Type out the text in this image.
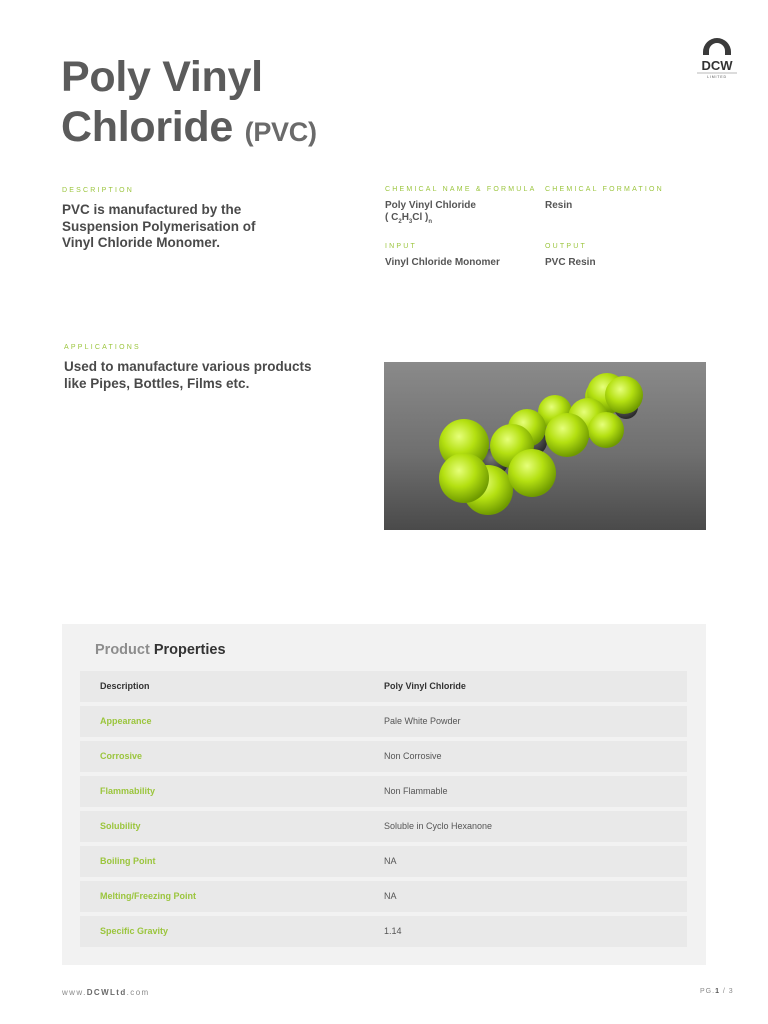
Poly Vinyl
Chloride (PVC)
DCW
LIMITED
DESCRIPTION
PVC is manufactured by the Suspension Polymerisation of Vinyl Chloride Monomer.
CHEMICAL NAME & FORMULA
Poly Vinyl Chloride
( $C_2H_3Cl$ )$_n$
CHEMICAL FORMATION
Resin
INPUT
Vinyl Chloride Monomer
OUTPUT
PVC Resin
APPLICATIONS
Used to manufacture various products like Pipes, Bottles, Films etc.
Product Properties
Description	Poly Vinyl Chloride
Appearance	Pale White Powder
Corrosive	Non Corrosive
Flammability	Non Flammable
Solubility	Soluble in Cyclo Hexanone
Boiling Point	NA
Melting/Freezing Point	NA
Specific Gravity	1.14
www.DCWLtd.com	PG.1 / 3
